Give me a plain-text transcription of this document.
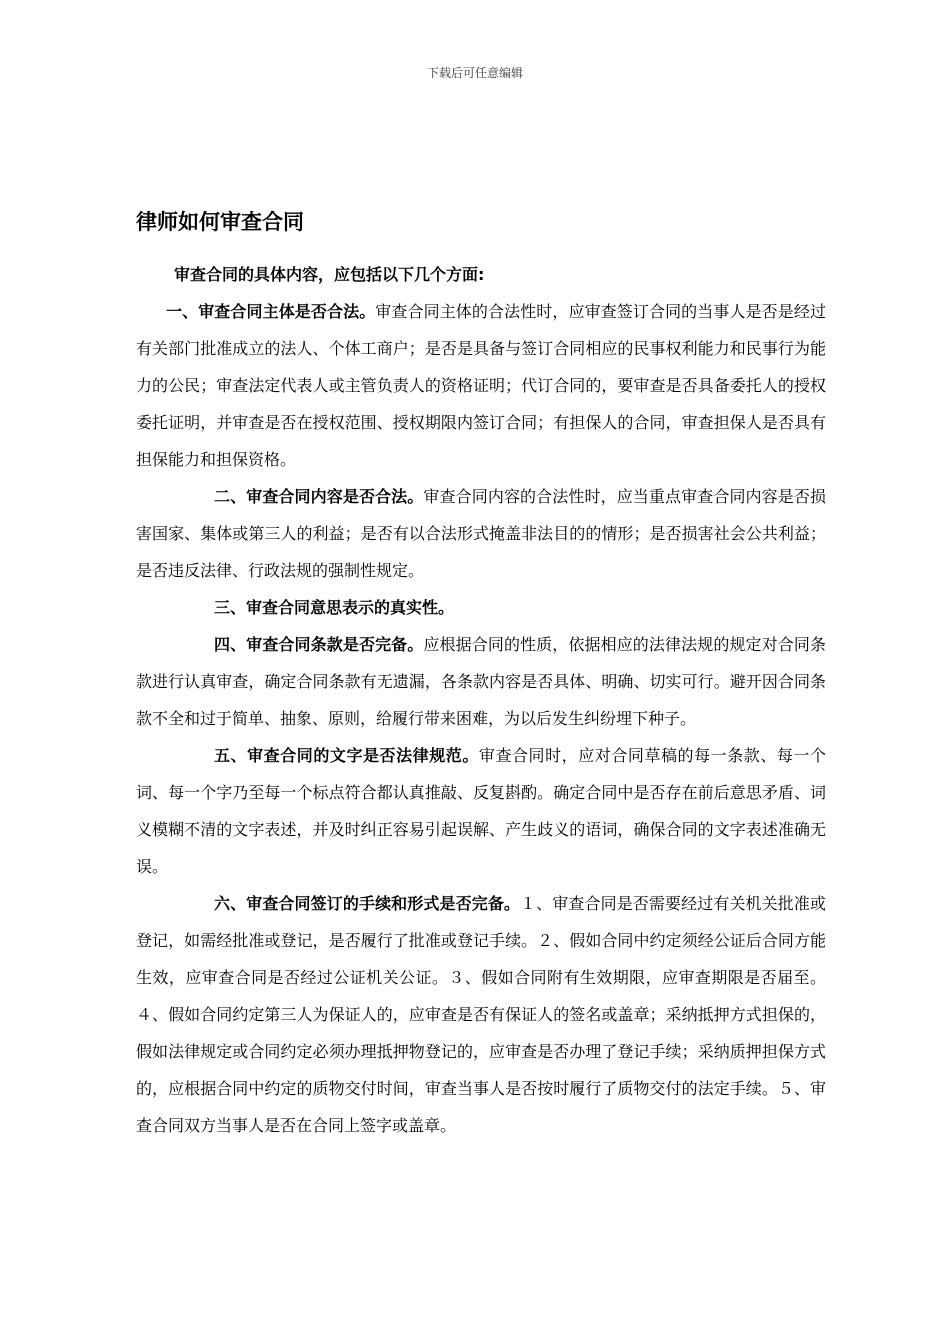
下载后可任意编辑
律师如何审查合同

审查合同的具体内容，应包括以下几个方面:

一、审查合同主体是否合法。审查合同主体的合法性时，应审查签订合同的当事人是否是经过有关部门批准成立的法人、个体工商户；是否是具备与签订合同相应的民事权利能力和民事行为能力的公民；审查法定代表人或主管负责人的资格证明；代订合同的，要审查是否具备委托人的授权委托证明，并审查是否在授权范围、授权期限内签订合同；有担保人的合同，审查担保人是否具有担保能力和担保资格。

二、审查合同内容是否合法。审查合同内容的合法性时，应当重点审查合同内容是否损害国家、集体或第三人的利益；是否有以合法形式掩盖非法目的的情形；是否损害社会公共利益；是否违反法律、行政法规的强制性规定。

三、审查合同意思表示的真实性。

四、审查合同条款是否完备。应根据合同的性质，依据相应的法律法规的规定对合同条款进行认真审查，确定合同条款有无遗漏，各条款内容是否具体、明确、切实可行。避开因合同条款不全和过于简单、抽象、原则，给履行带来困难，为以后发生纠纷埋下种子。

五、审查合同的文字是否法律规范。审查合同时，应对合同草稿的每一条款、每一个词、每一个字乃至每一个标点符合都认真推敲、反复斟酌。确定合同中是否存在前后意思矛盾、词义模糊不清的文字表述，并及时纠正容易引起误解、产生歧义的语词，确保合同的文字表述准确无误。

六、审查合同签订的手续和形式是否完备。１、审查合同是否需要经过有关机关批准或登记，如需经批准或登记，是否履行了批准或登记手续。２、假如合同中约定须经公证后合同方能生效，应审查合同是否经过公证机关公证。３、假如合同附有生效期限，应审查期限是否届至。４、假如合同约定第三人为保证人的，应审查是否有保证人的签名或盖章；采纳抵押方式担保的，假如法律规定或合同约定必须办理抵押物登记的，应审查是否办理了登记手续；采纳质押担保方式的，应根据合同中约定的质物交付时间，审查当事人是否按时履行了质物交付的法定手续。５、审查合同双方当事人是否在合同上签字或盖章。
